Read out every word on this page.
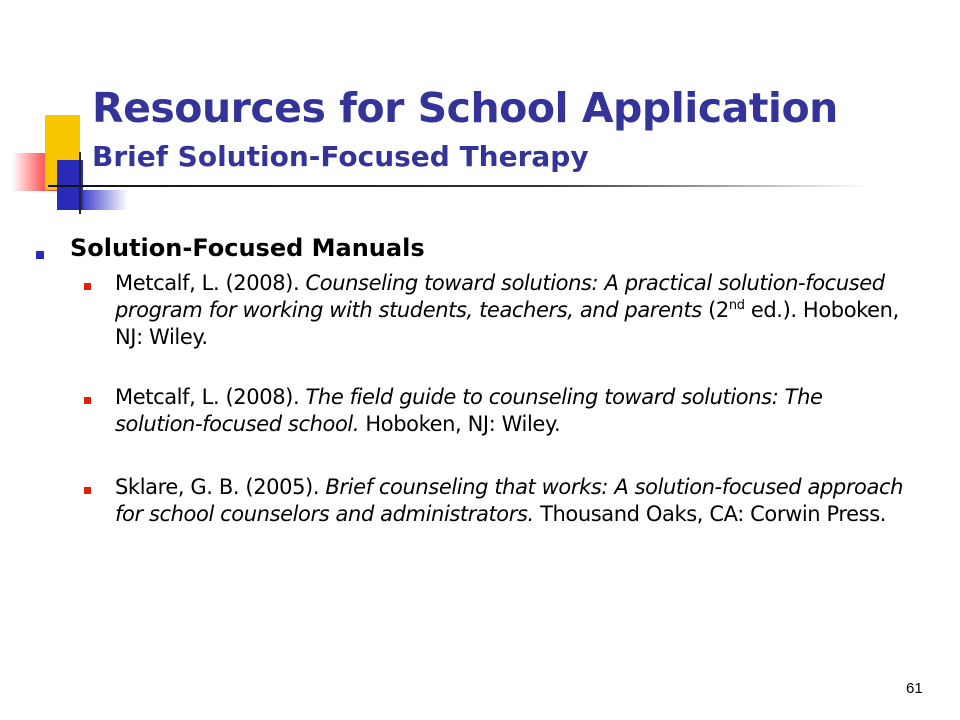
Resources for School Application
Brief Solution-Focused Therapy
Solution-Focused Manuals
Metcalf, L. (2008). Counseling toward solutions: A practical solution-focused program for working with students, teachers, and parents (2nd ed.). Hoboken, NJ: Wiley.
Metcalf, L. (2008). The field guide to counseling toward solutions: The solution-focused school. Hoboken, NJ: Wiley.
Sklare, G. B. (2005). Brief counseling that works: A solution-focused approach for school counselors and administrators. Thousand Oaks, CA: Corwin Press.
61
